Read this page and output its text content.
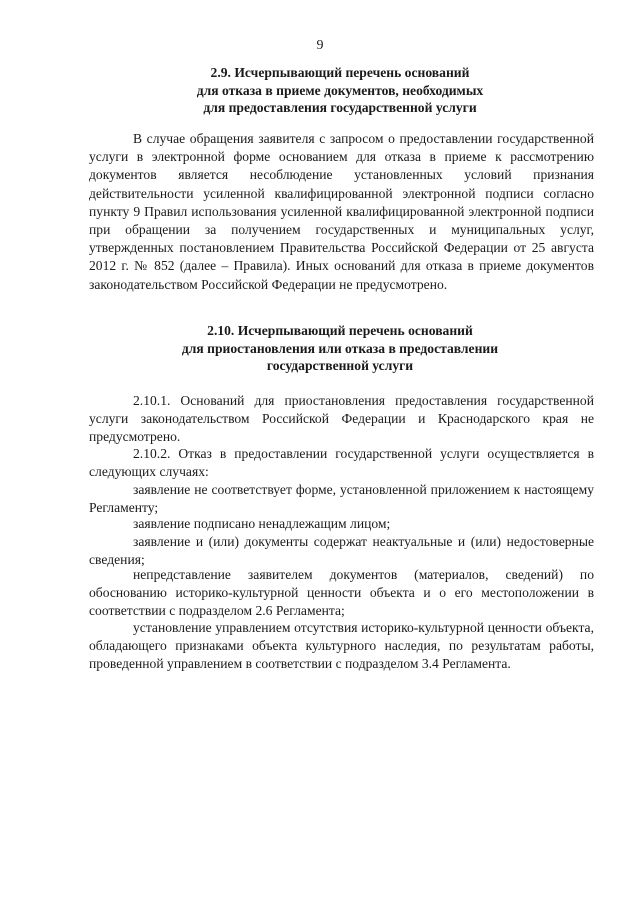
9
2.9. Исчерпывающий перечень оснований
для отказа в приеме документов, необходимых
для предоставления государственной услуги
В случае обращения заявителя с запросом о предоставлении государственной услуги в электронной форме основанием для отказа в приеме к рассмотрению документов является несоблюдение установленных условий признания действительности усиленной квалифицированной электронной подписи согласно пункту 9 Правил использования усиленной квалифицированной электронной подписи при обращении за получением государственных и муниципальных услуг, утвержденных постановлением Правительства Российской Федерации от 25 августа 2012 г. № 852 (далее – Правила). Иных оснований для отказа в приеме документов законодательством Российской Федерации не предусмотрено.
2.10. Исчерпывающий перечень оснований
для приостановления или отказа в предоставлении
государственной услуги
2.10.1. Оснований для приостановления предоставления государственной услуги законодательством Российской Федерации и Краснодарского края не предусмотрено.
2.10.2. Отказ в предоставлении государственной услуги осуществляется в следующих случаях:
заявление не соответствует форме, установленной приложением к настоящему Регламенту;
заявление подписано ненадлежащим лицом;
заявление и (или) документы содержат неактуальные и (или) недостоверные сведения;
непредставление заявителем документов (материалов, сведений) по обоснованию историко-культурной ценности объекта и о его местоположении в соответствии с подразделом 2.6 Регламента;
установление управлением отсутствия историко-культурной ценности объекта, обладающего признаками объекта культурного наследия, по результатам работы, проведенной управлением в соответствии с подразделом 3.4 Регламента.
